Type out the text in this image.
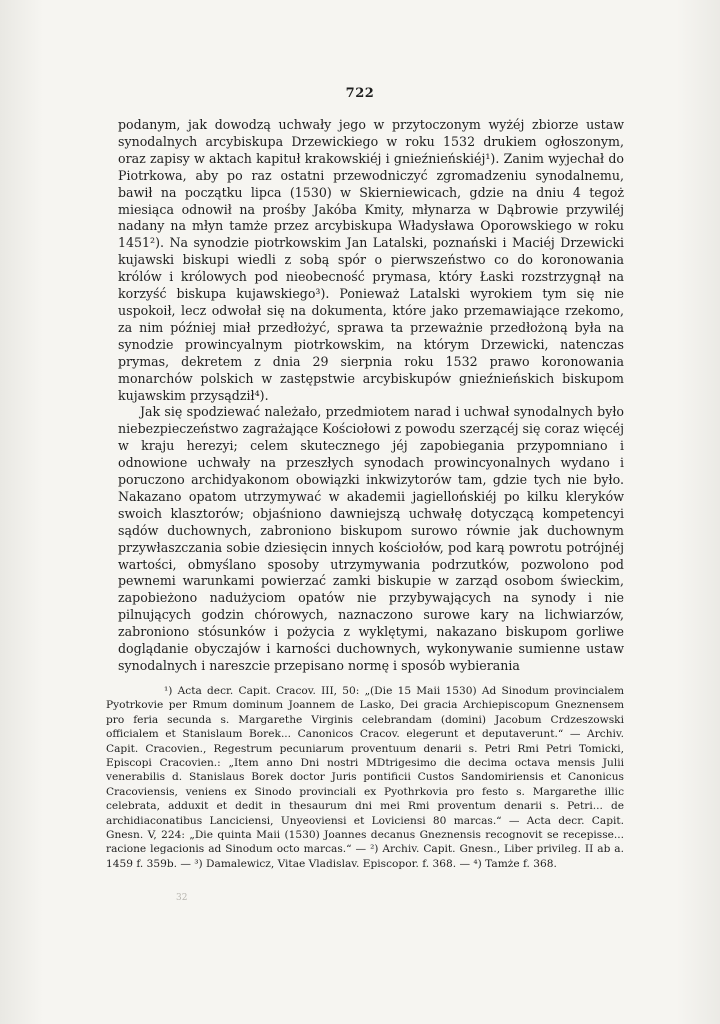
722

podanym, jak dowodzą uchwały jego w przytoczonym wyżéj zbiorze ustaw synodalnych arcybiskupa Drzewickiego w roku 1532 drukiem ogłoszonym, oraz zapisy w aktach kapituł krakowskiéj i gnieźnieńskiéj¹). Zanim wyjechał do Piotrkowa, aby po raz ostatni przewodniczyć zgromadzeniu synodalnemu, bawił na początku lipca (1530) w Skierniewicach, gdzie na dniu 4 tegoż miesiąca odnowił na prośby Jakóba Kmity, młynarza w Dąbrowie przywiléj nadany na młyn tamże przez arcybiskupa Władysława Oporowskiego w roku 1451²). Na synodzie piotrkowskim Jan Latalski, poznański i Maciéj Drzewicki kujawski biskupi wiedli z sobą spór o pierwszeństwo co do koronowania królów i królowych pod nieobecność prymasa, który Łaski rozstrzygnął na korzyść biskupa kujawskiego³). Ponieważ Latalski wyrokiem tym się nie uspokoił, lecz odwołał się na dokumenta, które jako przemawiające rzekomo, za nim później miał przedłożyć, sprawa ta przeważnie przedłożoną była na synodzie prowincyalnym piotrkowskim, na którym Drzewicki, natenczas prymas, dekretem z dnia 29 sierpnia roku 1532 prawo koronowania monarchów polskich w zastępstwie arcybiskupów gnieźnieńskich biskupom kujawskim przysądził⁴).

Jak się spodziewać należało, przedmiotem narad i uchwał synodalnych było niebezpieczeństwo zagrażające Kościołowi z powodu szerzącéj się coraz więcéj w kraju herezyi; celem skutecznego jéj zapobiegania przypomniano i odnowione uchwały na przeszłych synodach prowincyonalnych wydano i poruczono archidyakonom obowiązki inkwizytorów tam, gdzie tych nie było. Nakazano opatom utrzymywać w akademii jagiellońskiéj po kilku kleryków swoich klasztorów; objaśniono dawniejszą uchwałę dotyczącą kompetencyi sądów duchownych, zabroniono biskupom surowo równie jak duchownym przywłaszczania sobie dziesięcin innych kościołów, pod karą powrotu potrójnéj wartości, obmyślano sposoby utrzymywania podrzutków, pozwolono pod pewnemi warunkami powierzać zamki biskupie w zarząd osobom świeckim, zapobieżono nadużyciom opatów nie przybywających na synody i nie pilnujących godzin chórowych, naznaczono surowe kary na lichwiarzów, zabroniono stósunków i pożycia z wyklętymi, nakazano biskupom gorliwe doglądanie obyczajów i karności duchownych, wykonywanie sumienne ustaw synodalnych i nareszcie przepisano normę i sposób wybierania

¹) Acta decr. Capit. Cracov. III, 50: „(Die 15 Maii 1530) Ad Sinodum provincialem Pyotrkovie per Rmum dominum Joannem de Lasko, Dei gracia Archiepiscopum Gneznensem pro feria secunda s. Margarethe Virginis celebrandam (domini) Jacobum Crdzeszowski officialem et Stanislaum Borek... Canonicos Cracov. elegerunt et deputaverunt.“ — Archiv. Capit. Cracovien., Regestrum pecuniarum proventuum denarii s. Petri Rmi Petri Tomicki, Episcopi Cracovien.: „Item anno Dni nostri MDtrigesimo die decima octava mensis Julii venerabilis d. Stanislaus Borek doctor Juris pontificii Custos Sandomiriensis et Canonicus Cracoviensis, veniens ex Sinodo provinciali ex Pyothrkovia pro festo s. Margarethe illic celebrata, adduxit et dedit in thesaurum dni mei Rmi proventum denarii s. Petri... de archidiaconatibus Lanciciensi, Unyeoviensi et Loviciensi 80 marcas.“ — Acta decr. Capit. Gnesn. V, 224: „Die quinta Maii (1530) Joannes decanus Gneznensis recognovit se recepisse... racione legacionis ad Sinodum octo marcas.“ — ²) Archiv. Capit. Gnesn., Liber privileg. II ab a. 1459 f. 359b. — ³) Damalewicz, Vitae Vladislav. Episcopor. f. 368. — ⁴) Tamże f. 368.

32
